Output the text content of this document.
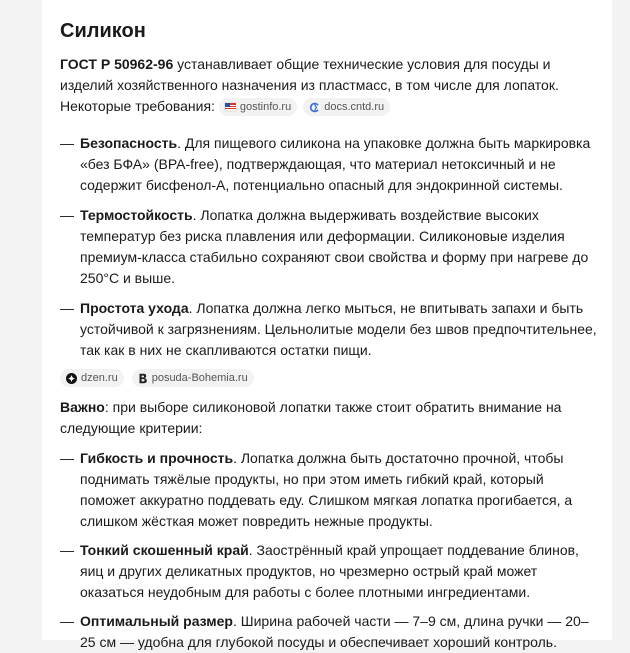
Силикон

ГОСТ Р 50962-96 устанавливает общие технические условия для посуды и изделий хозяйственного назначения из пластмасс, в том числе для лопаток. Некоторые требования: gostinfo.ru	docs.cntd.ru

— Безопасность. Для пищевого силикона на упаковке должна быть маркировка «без БФА» (BPA-free), подтверждающая, что материал нетоксичный и не содержит бисфенол-А, потенциально опасный для эндокринной системы.
— Термостойкость. Лопатка должна выдерживать воздействие высоких температур без риска плавления или деформации. Силиконовые изделия премиум-класса стабильно сохраняют свои свойства и форму при нагреве до 250°C и выше.
— Простота ухода. Лопатка должна легко мыться, не впитывать запахи и быть устойчивой к загрязнениям. Цельнолитые модели без швов предпочтительнее, так как в них не скапливаются остатки пищи.
dzen.ru	posuda-Bohemia.ru

Важно: при выборе силиконовой лопатки также стоит обратить внимание на следующие критерии:

— Гибкость и прочность. Лопатка должна быть достаточно прочной, чтобы поднимать тяжёлые продукты, но при этом иметь гибкий край, который поможет аккуратно поддевать еду. Слишком мягкая лопатка прогибается, а слишком жёсткая может повредить нежные продукты.
— Тонкий скошенный край. Заострённый край упрощает поддевание блинов, яиц и других деликатных продуктов, но чрезмерно острый край может оказаться неудобным для работы с более плотными ингредиентами.
— Оптимальный размер. Ширина рабочей части — 7–9 см, длина ручки — 20–25 см — удобна для глубокой посуды и обеспечивает хороший контроль.
